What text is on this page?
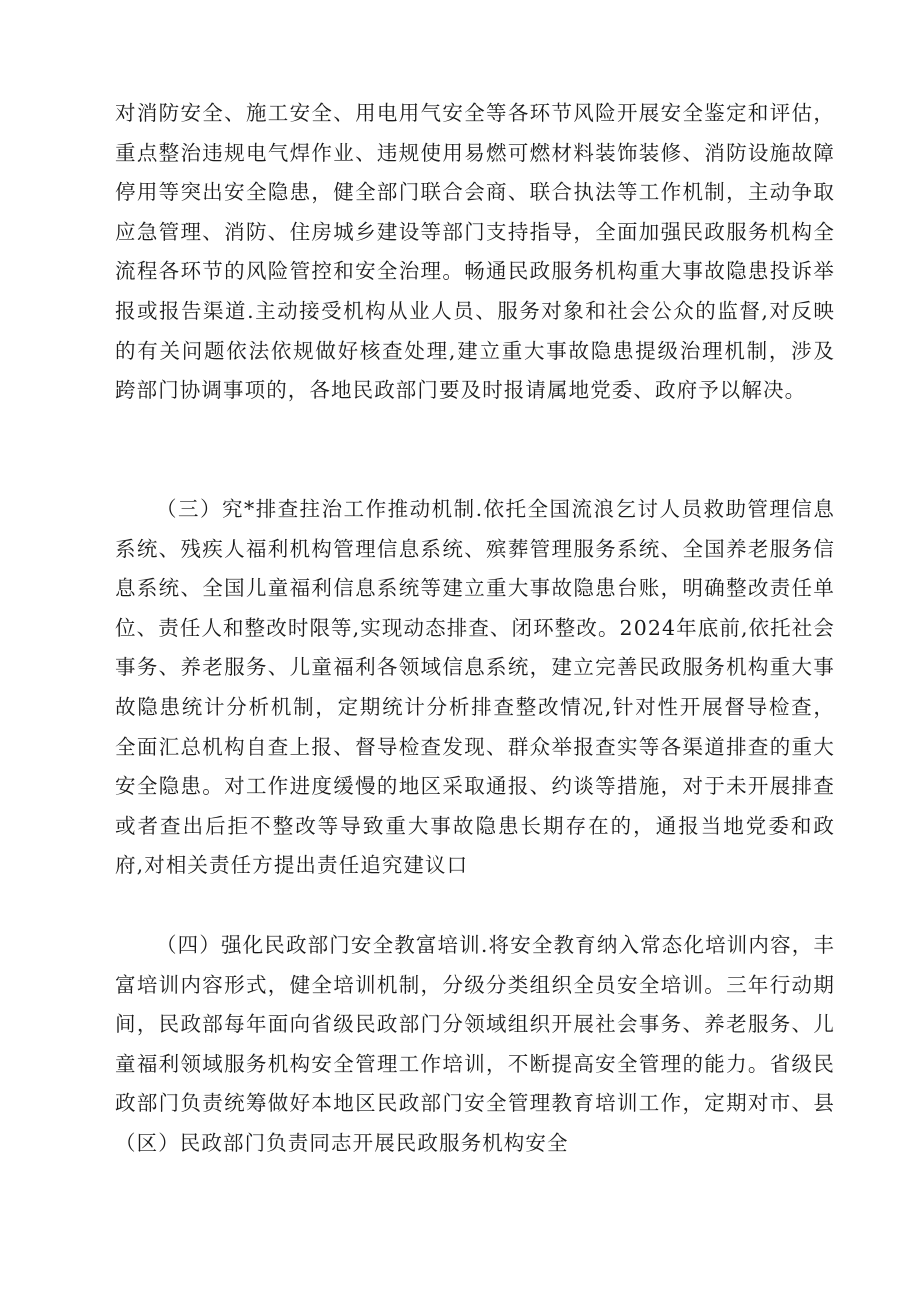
对消防安全、施工安全、用电用气安全等各环节风险开展安全鉴定和评估，重点整治违规电气焊作业、违规使用易燃可燃材料装饰装修、消防设施故障停用等突出安全隐患，健全部门联合会商、联合执法等工作机制，主动争取应急管理、消防、住房城乡建设等部门支持指导，全面加强民政服务机构全流程各环节的风险管控和安全治理。畅通民政服务机构重大事故隐患投诉举报或报告渠道.主动接受机构从业人员、服务对象和社会公众的监督,对反映的有关问题依法依规做好核查处理,建立重大事故隐患提级治理机制，涉及跨部门协调事项的，各地民政部门要及时报请属地党委、政府予以解决。

（三）究*排查拄治工作推动机制.依托全国流浪乞讨人员救助管理信息系统、残疾人福利机构管理信息系统、殡葬管理服务系统、全国养老服务信息系统、全国儿童福利信息系统等建立重大事故隐患台账，明确整改责任单位、责任人和整改时限等,实现动态排查、闭环整改。2024年底前,依托社会事务、养老服务、儿童福利各领域信息系统，建立完善民政服务机构重大事故隐患统计分析机制，定期统计分析排查整改情况,针对性开展督导检查，全面汇总机构自查上报、督导检查发现、群众举报查实等各渠道排查的重大安全隐患。对工作进度缓慢的地区采取通报、约谈等措施，对于未开展排查或者查出后拒不整改等导致重大事故隐患长期存在的，通报当地党委和政府,对相关责任方提出责任追究建议口

（四）强化民政部门安全教富培训.将安全教育纳入常态化培训内容，丰富培训内容形式，健全培训机制，分级分类组织全员安全培训。三年行动期间，民政部每年面向省级民政部门分领域组织开展社会事务、养老服务、儿童福利领域服务机构安全管理工作培训，不断提高安全管理的能力。省级民政部门负责统筹做好本地区民政部门安全管理教育培训工作，定期对市、县（区）民政部门负责同志开展民政服务机构安全
